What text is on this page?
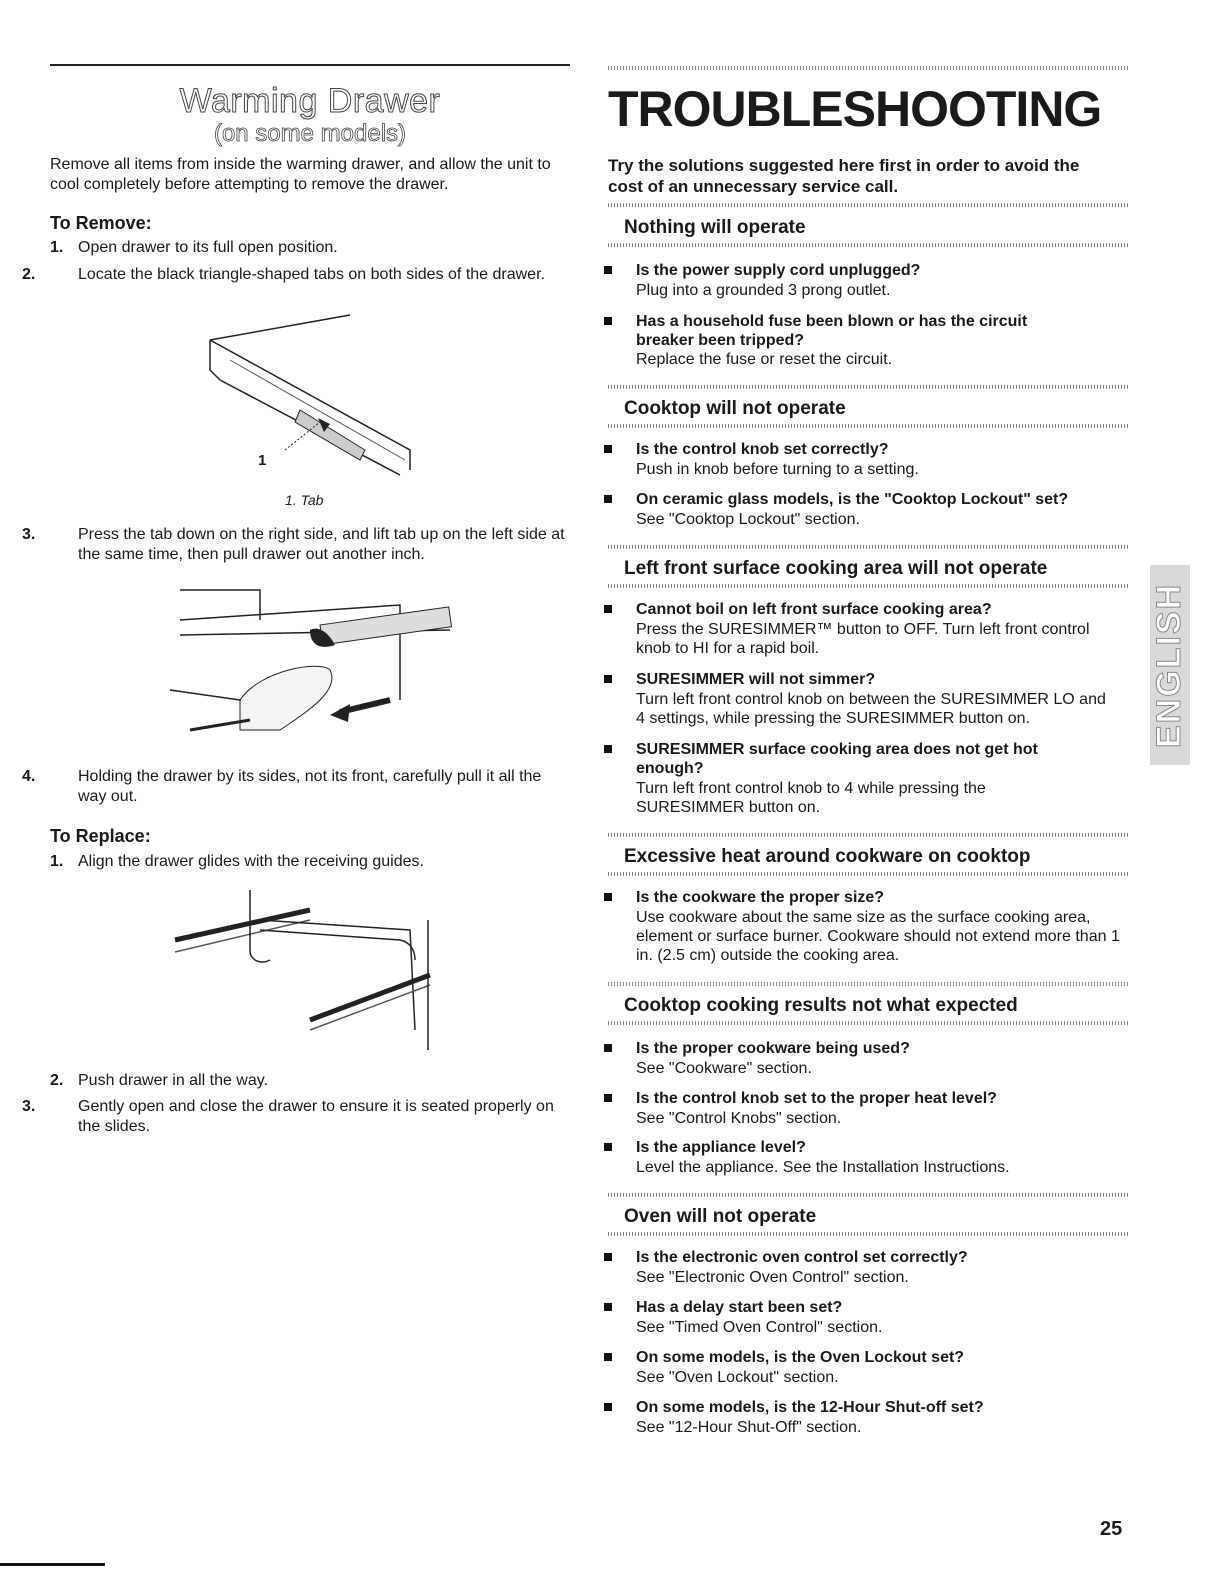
Warming Drawer
(on some models)
Remove all items from inside the warming drawer, and allow the unit to cool completely before attempting to remove the drawer.
To Remove:
1. Open drawer to its full open position.
2.	Locate the black triangle-shaped tabs on both sides of the drawer.
1
1. Tab
3.	Press the tab down on the right side, and lift tab up on the left side at the same time, then pull drawer out another inch.
4.	Holding the drawer by its sides, not its front, carefully pull it all the way out.
To Replace:
1. Align the drawer glides with the receiving guides.
2. Push drawer in all the way.
3.	Gently open and close the drawer to ensure it is seated properly on the slides.
TROUBLESHOOTING
Try the solutions suggested here first in order to avoid the cost of an unnecessary service call.
Nothing will operate
Is the power supply cord unplugged?
Plug into a grounded 3 prong outlet.
Has a household fuse been blown or has the circuit breaker been tripped?
Replace the fuse or reset the circuit.
Cooktop will not operate
Is the control knob set correctly?
Push in knob before turning to a setting.
On ceramic glass models, is the "Cooktop Lockout" set?
See "Cooktop Lockout" section.
Left front surface cooking area will not operate
Cannot boil on left front surface cooking area?
Press the SURESIMMER™ button to OFF. Turn left front control knob to HI for a rapid boil.
SURESIMMER will not simmer?
Turn left front control knob on between the SURESIMMER LO and 4 settings, while pressing the SURESIMMER button on.
SURESIMMER surface cooking area does not get hot enough?
Turn left front control knob to 4 while pressing the SURESIMMER button on.
Excessive heat around cookware on cooktop
Is the cookware the proper size?
Use cookware about the same size as the surface cooking area, element or surface burner. Cookware should not extend more than 1 in. (2.5 cm) outside the cooking area.
Cooktop cooking results not what expected
Is the proper cookware being used?
See "Cookware" section.
Is the control knob set to the proper heat level?
See "Control Knobs" section.
Is the appliance level?
Level the appliance. See the Installation Instructions.
Oven will not operate
Is the electronic oven control set correctly?
See "Electronic Oven Control" section.
Has a delay start been set?
See "Timed Oven Control" section.
On some models, is the Oven Lockout set?
See "Oven Lockout" section.
On some models, is the 12-Hour Shut-off set?
See "12-Hour Shut-Off" section.
ENGLISH
25
